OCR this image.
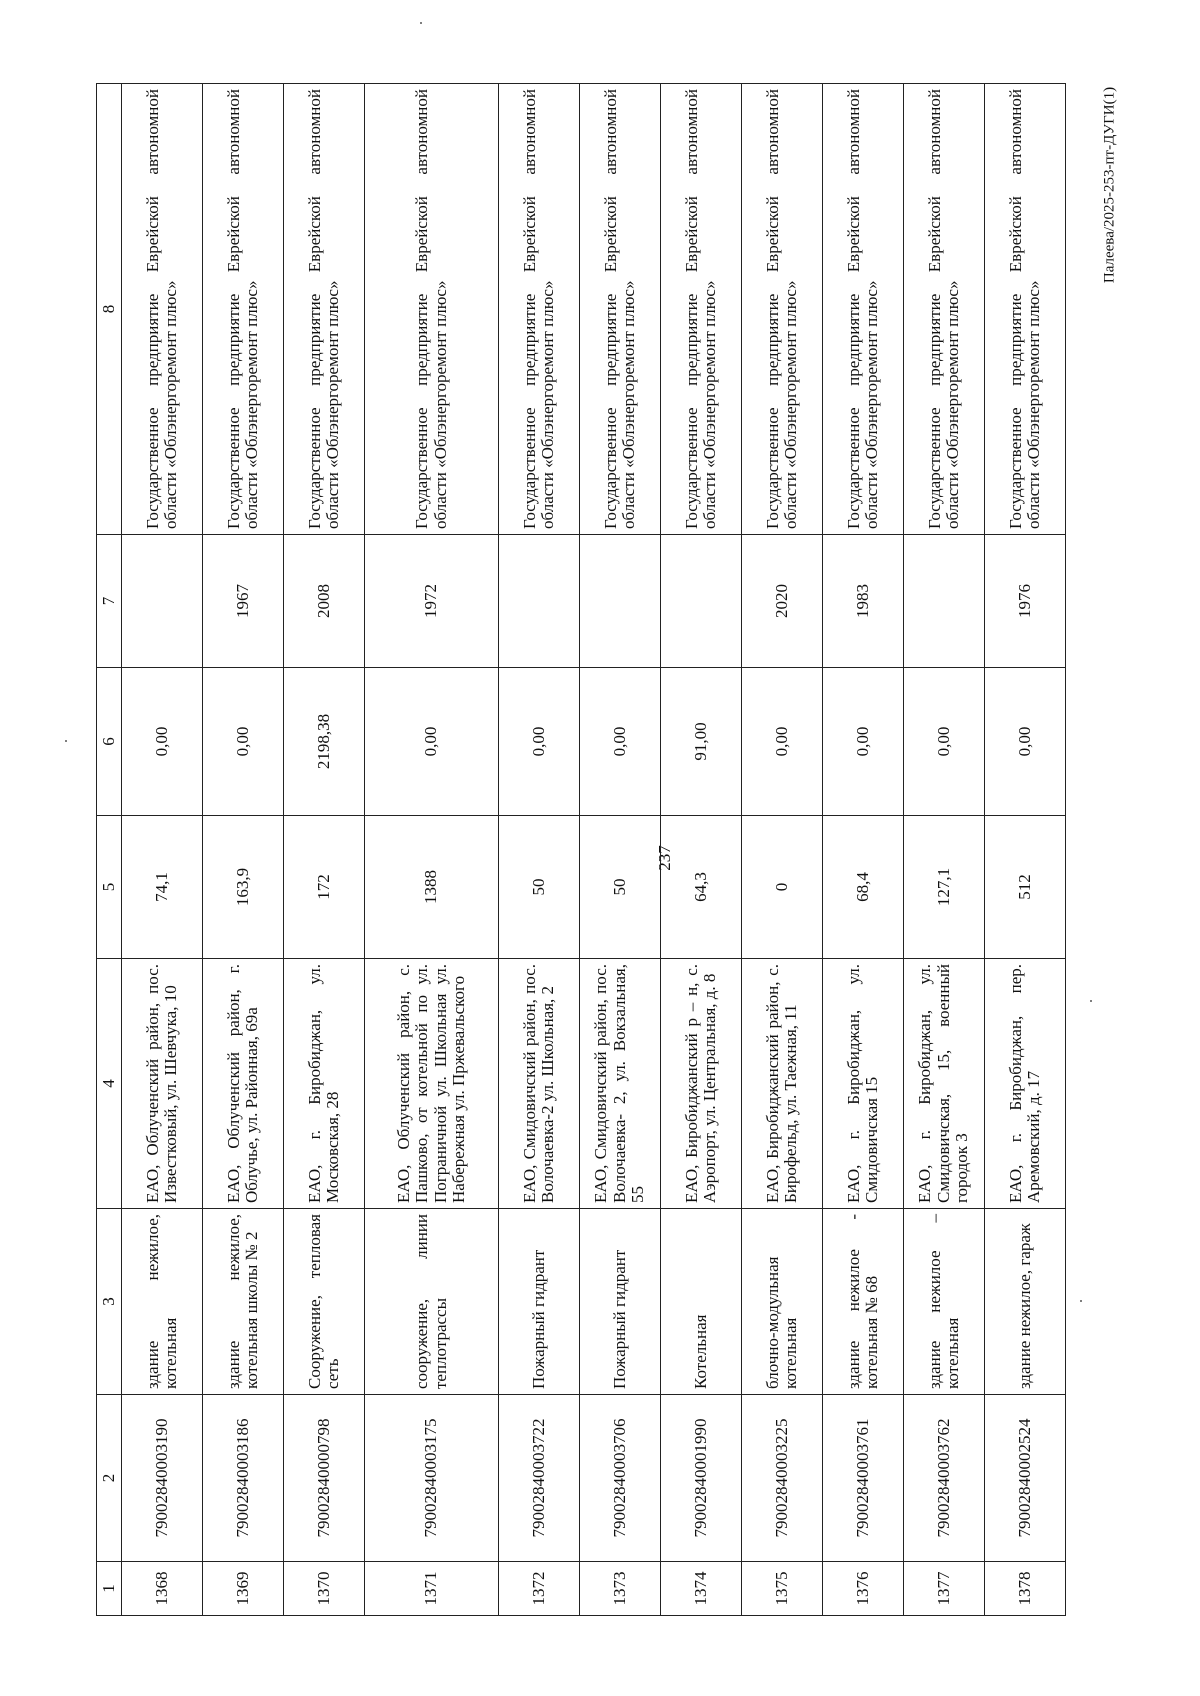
237
Палеева/2025-253-пт-ДУГИ(1)
1	2	3	4	5	6	7	8
1368	79002840003190	здание нежилое, котельная	ЕАО, Облученский район, пос. Известковый, ул. Шевчука, 10	74,1	0,00		Государственное предприятие Еврейской автономной области «Облэнергоремонт плюс»
1369	79002840003186	здание нежилое, котельная школы № 2	ЕАО, Облученский район, г. Облучье, ул. Районная, 69а	163,9	0,00	1967	Государственное предприятие Еврейской автономной области «Облэнергоремонт плюс»
1370	79002840000798	Сооружение, тепловая сеть	ЕАО, г. Биробиджан, ул. Московская, 28	172	2198,38	2008	Государственное предприятие Еврейской автономной области «Облэнергоремонт плюс»
1371	79002840003175	сооружение, линии теплотрассы	ЕАО, Облученский район, с. Пашково, от котельной по ул. Пограничной ул. Школьная ул. Набережная ул. Пржевальского	1388	0,00	1972	Государственное предприятие Еврейской автономной области «Облэнергоремонт плюс»
1372	79002840003722	Пожарный гидрант	ЕАО, Смидовичский район, пос. Волочаевка-2 ул. Школьная, 2	50	0,00		Государственное предприятие Еврейской автономной области «Облэнергоремонт плюс»
1373	79002840003706	Пожарный гидрант	ЕАО, Смидовичский район, пос. Волочаевка- 2, ул. Вокзальная, 55	50	0,00		Государственное предприятие Еврейской автономной области «Облэнергоремонт плюс»
1374	79002840001990	Котельная	ЕАО, Биробиджанский р – н, с. Аэропорт, ул. Центральная, д. 8	64,3	91,00		Государственное предприятие Еврейской автономной области «Облэнергоремонт плюс»
1375	79002840003225	блочно-модульная котельная	ЕАО, Биробиджанский район, с. Бирофельд, ул. Таежная, 11	0	0,00	2020	Государственное предприятие Еврейской автономной области «Облэнергоремонт плюс»
1376	79002840003761	здание нежилое - котельная № 68	ЕАО, г. Биробиджан, ул. Смидовичская 15	68,4	0,00	1983	Государственное предприятие Еврейской автономной области «Облэнергоремонт плюс»
1377	79002840003762	здание нежилое – котельная	ЕАО, г. Биробиджан, ул. Смидовичская, 15, военный городок 3	127,1	0,00		Государственное предприятие Еврейской автономной области «Облэнергоремонт плюс»
1378	79002840002524	здание нежилое, гараж	ЕАО, г. Биробиджан, пер. Аремовский, д. 17	512	0,00	1976	Государственное предприятие Еврейской автономной области «Облэнергоремонт плюс»
